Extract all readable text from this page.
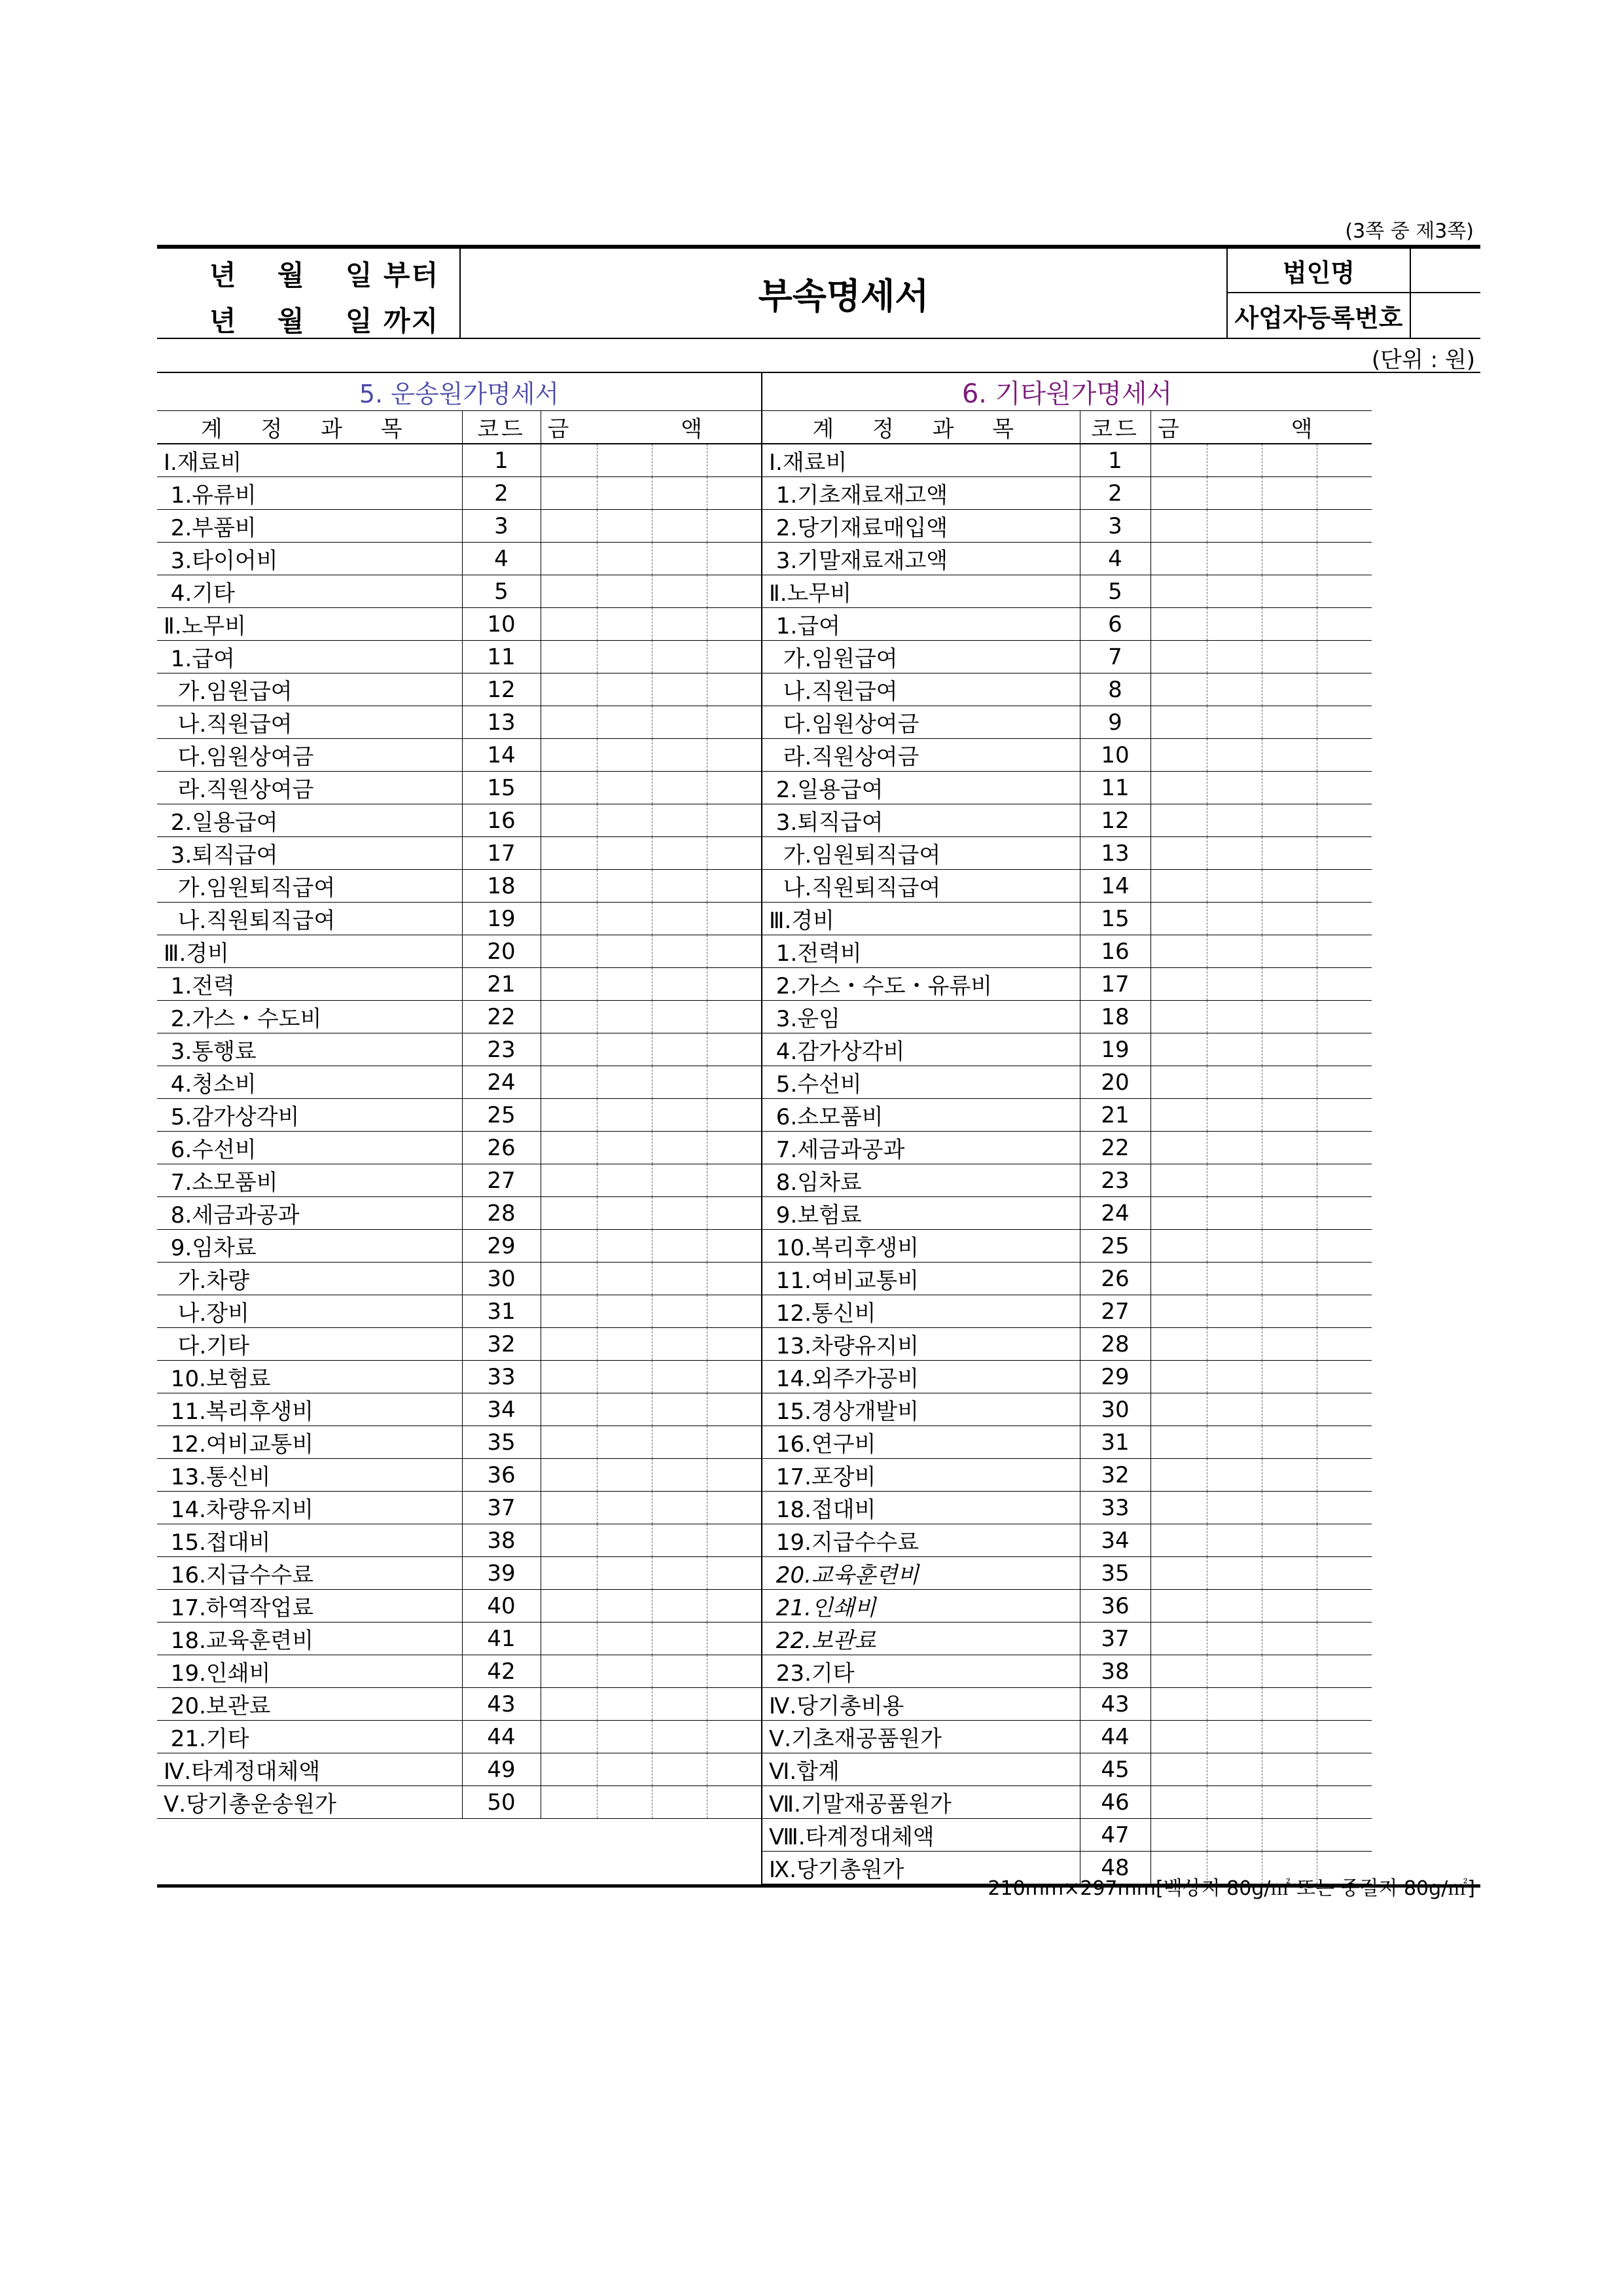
(3쪽 중 제3쪽)
년 월 일 부터
년 월 일 까지
부속명세서
법인명
사업자등록번호
(단위 : 원)
5. 운송원가명세서						6. 기타원가명세서					
계 정 과 목	코드	금 액				계 정 과 목	코드	금 액			
Ⅰ.재료비	1					Ⅰ.재료비	1				
1.유류비	2					1.기초재료재고액	2				
2.부품비	3					2.당기재료매입액	3				
3.타이어비	4					3.기말재료재고액	4				
4.기타	5					Ⅱ.노무비	5				
Ⅱ.노무비	10					1.급여	6				
1.급여	11					가.임원급여	7				
가.임원급여	12					나.직원급여	8				
나.직원급여	13					다.임원상여금	9				
다.임원상여금	14					라.직원상여금	10				
라.직원상여금	15					2.일용급여	11				
2.일용급여	16					3.퇴직급여	12				
3.퇴직급여	17					가.임원퇴직급여	13				
가.임원퇴직급여	18					나.직원퇴직급여	14				
나.직원퇴직급여	19					Ⅲ.경비	15				
Ⅲ.경비	20					1.전력비	16				
1.전력	21					2.가스・수도・유류비	17				
2.가스・수도비	22					3.운임	18				
3.통행료	23					4.감가상각비	19				
4.청소비	24					5.수선비	20				
5.감가상각비	25					6.소모품비	21				
6.수선비	26					7.세금과공과	22				
7.소모품비	27					8.임차료	23				
8.세금과공과	28					9.보험료	24				
9.임차료	29					10.복리후생비	25				
가.차량	30					11.여비교통비	26				
나.장비	31					12.통신비	27				
다.기타	32					13.차량유지비	28				
10.보험료	33					14.외주가공비	29				
11.복리후생비	34					15.경상개발비	30				
12.여비교통비	35					16.연구비	31				
13.통신비	36					17.포장비	32				
14.차량유지비	37					18.접대비	33				
15.접대비	38					19.지급수수료	34				
16.지급수수료	39					20.교육훈련비	35				
17.하역작업료	40					21.인쇄비	36				
18.교육훈련비	41					22.보관료	37				
19.인쇄비	42					23.기타	38				
20.보관료	43					Ⅳ.당기총비용	43				
21.기타	44					Ⅴ.기초재공품원가	44				
Ⅳ.타계정대체액	49					Ⅵ.합계	45				
Ⅴ.당기총운송원가	50					Ⅶ.기말재공품원가	46				
						Ⅷ.타계정대체액	47				
						Ⅸ.당기총원가	48				
210mm×297mm[백상지 80g/㎡ 또는 중질지 80g/㎡]
